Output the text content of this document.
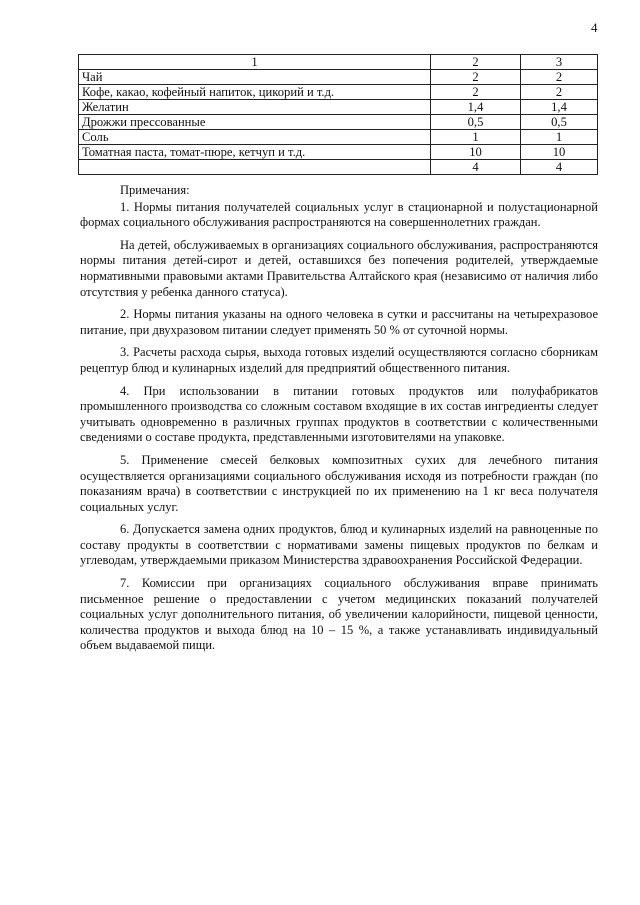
4
1	2	3
Чай	2	2
Кофе, какао, кофейный напиток, цикорий и т.д.	2	2
Желатин	1,4	1,4
Дрожжи прессованные	0,5	0,5
Соль	1	1
Томатная паста, томат-пюре, кетчуп и т.д.	10	10
	4	4
Примечания:

1. Нормы питания получателей социальных услуг в стационарной и полустационарной формах социального обслуживания распространяются на совершеннолетних граждан.

На детей, обслуживаемых в организациях социального обслуживания, распространяются нормы питания детей-сирот и детей, оставшихся без попечения родителей, утверждаемые нормативными правовыми актами Правительства Алтайского края (независимо от наличия либо отсутствия у ребенка данного статуса).

2. Нормы питания указаны на одного человека в сутки и рассчитаны на четырехразовое питание, при двухразовом питании следует применять 50 % от суточной нормы.

3. Расчеты расхода сырья, выхода готовых изделий осуществляются согласно сборникам рецептур блюд и кулинарных изделий для предприятий общественного питания.

4. При использовании в питании готовых продуктов или полуфабрикатов промышленного производства со сложным составом входящие в их состав ингредиенты следует учитывать одновременно в различных группах продуктов в соответствии с количественными сведениями о составе продукта, представленными изготовителями на упаковке.

5. Применение смесей белковых композитных сухих для лечебного питания осуществляется организациями социального обслуживания исходя из потребности граждан (по показаниям врача) в соответствии с инструкцией по их применению на 1 кг веса получателя социальных услуг.

6. Допускается замена одних продуктов, блюд и кулинарных изделий на равноценные по составу продукты в соответствии с нормативами замены пищевых продуктов по белкам и углеводам, утверждаемыми приказом Министерства здравоохранения Российской Федерации.

7. Комиссии при организациях социального обслуживания вправе принимать письменное решение о предоставлении с учетом медицинских показаний получателей социальных услуг дополнительного питания, об увеличении калорийности, пищевой ценности, количества продуктов и выхода блюд на 10 – 15 %, а также устанавливать индивидуальный объем выдаваемой пищи.
